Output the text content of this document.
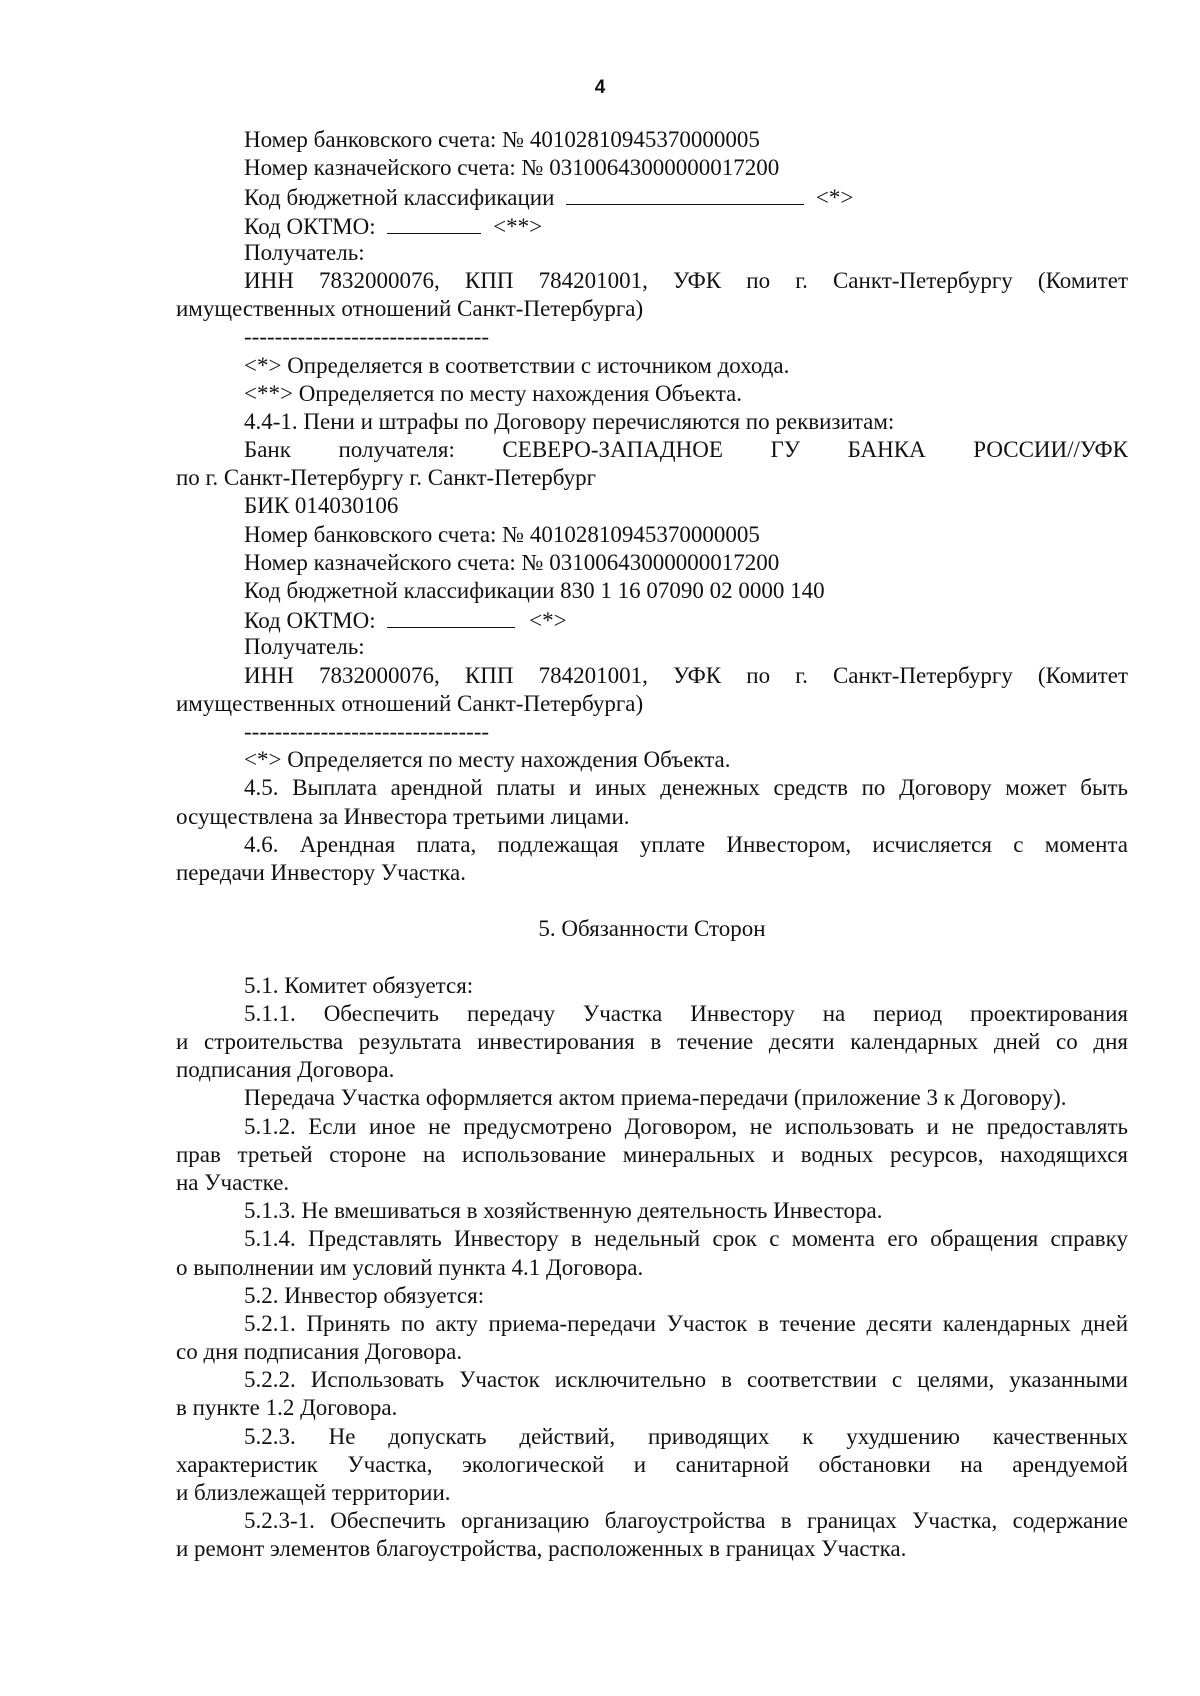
4
Номер банковского счета: № 40102810945370000005
Номер казначейского счета: № 03100643000000017200
Код бюджетной классификации	<*>
Код ОКТМО:	<**>
Получатель:
ИНН 7832000076, КПП 784201001, УФК по г. Санкт-Петербургу (Комитет
имущественных отношений Санкт-Петербурга)
--------------------------------
<*> Определяется в соответствии с источником дохода.
<**> Определяется по месту нахождения Объекта.
4.4-1. Пени и штрафы по Договору перечисляются по реквизитам:
Банк получателя: СЕВЕРО-ЗАПАДНОЕ ГУ БАНКА РОССИИ//УФК
по г. Санкт-Петербургу г. Санкт-Петербург
БИК 014030106
Номер банковского счета: № 40102810945370000005
Номер казначейского счета: № 03100643000000017200
Код бюджетной классификации 830 1 16 07090 02 0000 140
Код ОКТМО:	<*>
Получатель:
ИНН 7832000076, КПП 784201001, УФК по г. Санкт-Петербургу (Комитет
имущественных отношений Санкт-Петербурга)
--------------------------------
<*> Определяется по месту нахождения Объекта.
4.5. Выплата арендной платы и иных денежных средств по Договору может быть
осуществлена за Инвестора третьими лицами.
4.6. Арендная плата, подлежащая уплате Инвестором, исчисляется с момента
передачи Инвестору Участка.
5. Обязанности Сторон
5.1. Комитет обязуется:
5.1.1. Обеспечить передачу Участка Инвестору на период проектирования
и строительства результата инвестирования в течение десяти календарных дней со дня
подписания Договора.
Передача Участка оформляется актом приема-передачи (приложение 3 к Договору).
5.1.2. Если иное не предусмотрено Договором, не использовать и не предоставлять
прав третьей стороне на использование минеральных и водных ресурсов, находящихся
на Участке.
5.1.3. Не вмешиваться в хозяйственную деятельность Инвестора.
5.1.4. Представлять Инвестору в недельный срок с момента его обращения справку
о выполнении им условий пункта 4.1 Договора.
5.2. Инвестор обязуется:
5.2.1. Принять по акту приема-передачи Участок в течение десяти календарных дней
со дня подписания Договора.
5.2.2. Использовать Участок исключительно в соответствии с целями, указанными
в пункте 1.2 Договора.
5.2.3. Не допускать действий, приводящих к ухудшению качественных
характеристик Участка, экологической и санитарной обстановки на арендуемой
и близлежащей территории.
5.2.3-1. Обеспечить организацию благоустройства в границах Участка, содержание
и ремонт элементов благоустройства, расположенных в границах Участка.
